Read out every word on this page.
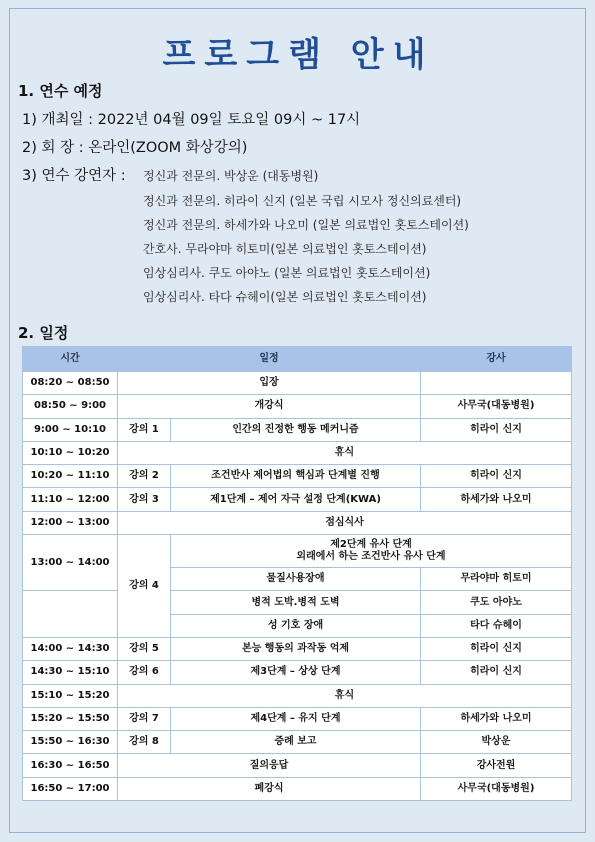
프로그램 안내
1. 연수 예정
1) 개최일 : 2022년 04월 09일 토요일 09시 ~ 17시
2) 회 장 : 온라인(ZOOM 화상강의)
3) 연수 강연자 : 정신과 전문의. 박상운 (대동병원)
정신과 전문의. 히라이 신지 (일본 국립 시모사 정신의료센터)
정신과 전문의. 하세가와 나오미 (일본 의료법인 홋토스테이션)
간호사. 무라야마 히토미(일본 의료법인 홋토스테이션)
임상심리사. 쿠도 아야노 (일본 의료법인 홋토스테이션)
임상심리사. 타다 슈헤이(일본 의료법인 홋토스테이션)
2. 일정
시간	일정		강사
08:20 ~ 08:50	입장		
08:50 ~ 9:00	개강식		사무국(대동병원)
9:00 ~ 10:10	강의 1	인간의 진정한 행동 메커니즘	히라이 신지
10:10 ~ 10:20	휴식		
10:20 ~ 11:10	강의 2	조건반사 제어법의 핵심과 단계별 진행	히라이 신지
11:10 ~ 12:00	강의 3	제1단계 – 제어 자극 설정 단계(KWA)	하세가와 나오미
12:00 ~ 13:00	점심식사		
13:00 ~ 14:00	강의 4	제2단계 유사 단계
외래에서 하는 조건반사 유사 단계	

		물질사용장애	무라야마 히토미
		병적 도박.병적 도벽	쿠도 아야노
		성 기호 장애	타다 슈헤이
14:00 ~ 14:30	강의 5	본능 행동의 과작동 억제	히라이 신지
14:30 ~ 15:10	강의 6	제3단계 – 상상 단계	히라이 신지
15:10 ~ 15:20	휴식		
15:20 ~ 15:50	강의 7	제4단계 – 유지 단계	하세가와 나오미
15:50 ~ 16:30	강의 8	증례 보고	박상운
16:30 ~ 16:50	질의응답		강사전원
16:50 ~ 17:00	폐강식		사무국(대동병원)
